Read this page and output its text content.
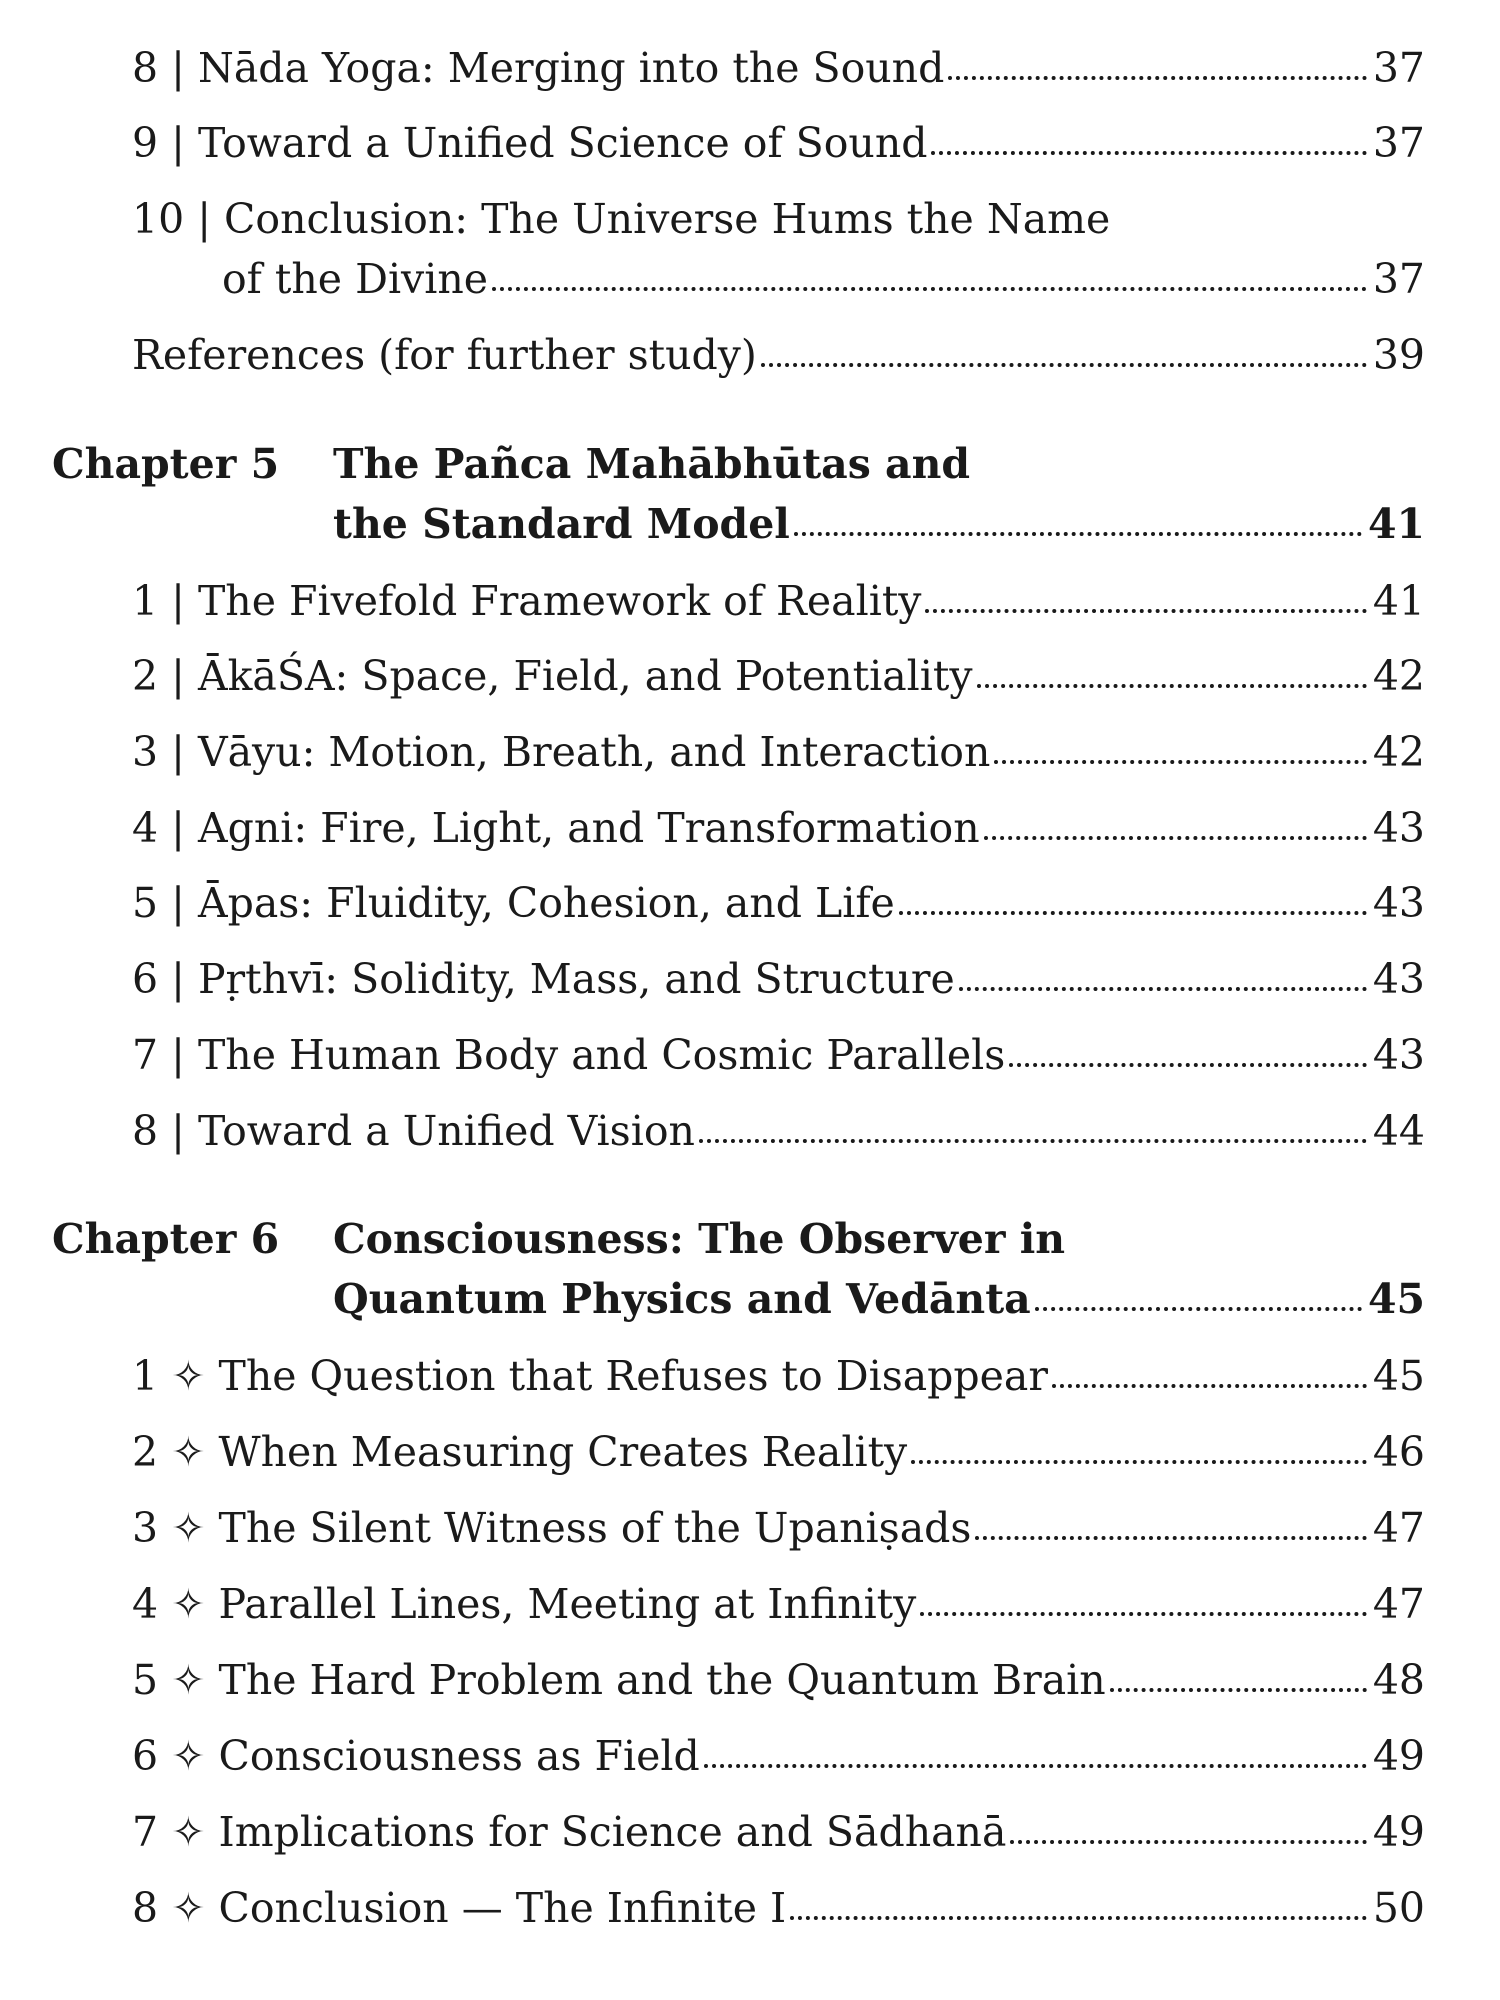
8 | Nāda Yoga: Merging into the Sound	37
9 | Toward a Unified Science of Sound	37
10 | Conclusion: The Universe Hums the Name
of the Divine	37
References (for further study)	39
Chapter 5 The Pañca Mahābhūtas and
the Standard Model	41
1 | The Fivefold Framework of Reality	41
2 | ĀkāŚA: Space, Field, and Potentiality	42
3 | Vāyu: Motion, Breath, and Interaction	42
4 | Agni: Fire, Light, and Transformation	43
5 | Āpas: Fluidity, Cohesion, and Life	43
6 | Pṛthvī: Solidity, Mass, and Structure	43
7 | The Human Body and Cosmic Parallels	43
8 | Toward a Unified Vision	44
Chapter 6 Consciousness: The Observer in
Quantum Physics and Vedānta	45
1 ✧ The Question that Refuses to Disappear	45
2 ✧ When Measuring Creates Reality	46
3 ✧ The Silent Witness of the Upaniṣads	47
4 ✧ Parallel Lines, Meeting at Infinity	47
5 ✧ The Hard Problem and the Quantum Brain	48
6 ✧ Consciousness as Field	49
7 ✧ Implications for Science and Sādhanā	49
8 ✧ Conclusion — The Infinite I	50
